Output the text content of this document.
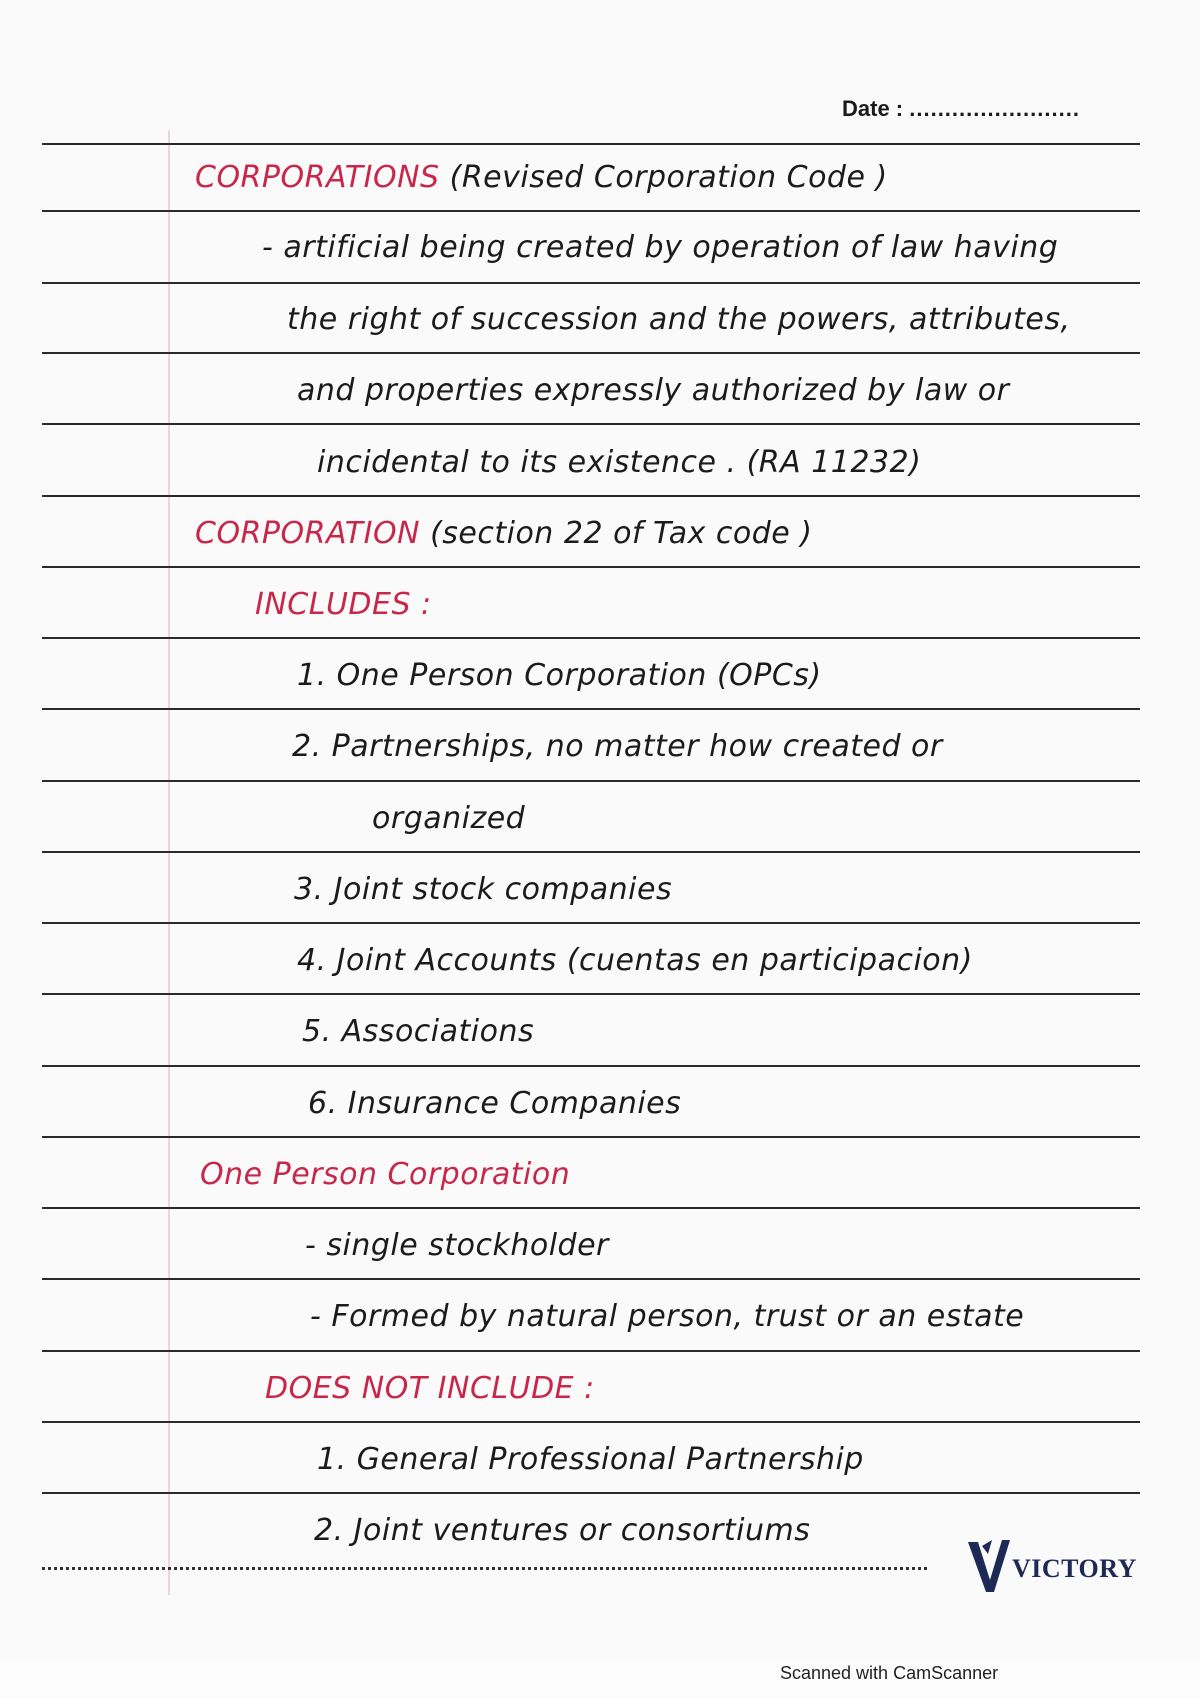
Date : ........................
CORPORATIONS (Revised Corporation Code )
- artificial being created by operation of law having
the right of succession and the powers, attributes,
and properties expressly authorized by law or
incidental to its existence . (RA 11232)
CORPORATION (section 22 of Tax code )
INCLUDES :
1. One Person Corporation (OPCs)
2. Partnerships, no matter how created or
organized
3. Joint stock companies
4. Joint Accounts (cuentas en participacion)
5. Associations
6. Insurance Companies
One Person Corporation
- single stockholder
- Formed by natural person, trust or an estate
DOES NOT INCLUDE :
1. General Professional Partnership
2. Joint ventures or consortiums
VICTORY
Scanned with CamScanner
